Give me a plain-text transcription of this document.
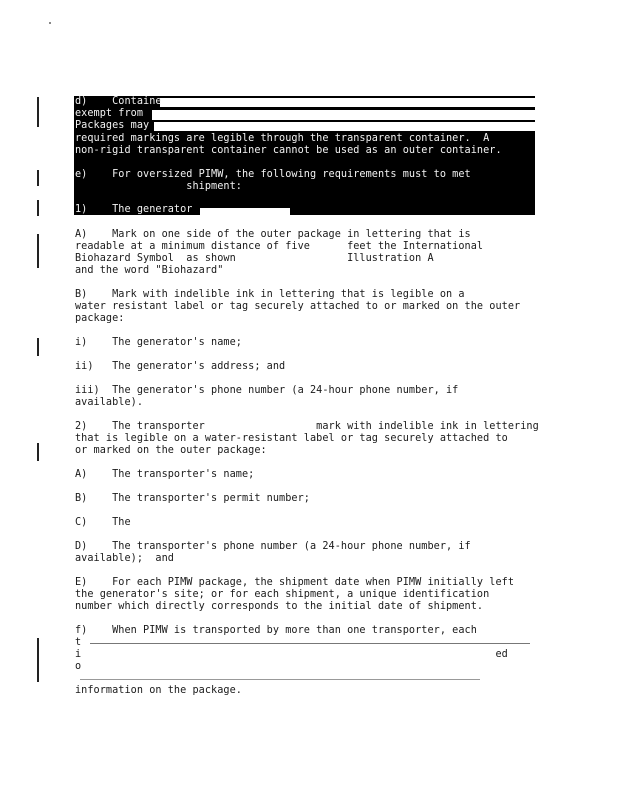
d)    Containe
exempt from
Packages may
required markings are legible through the transparent container.  A
non-rigid transparent container cannot be used as an outer container.
e)    For oversized PIMW, the following requirements must to met
shipment:
1)    The generator
A)    Mark on one side of the outer package in lettering that is
readable at a minimum distance of five      feet the International
Biohazard Symbol  as shown                  Illustration A
and the word "Biohazard"
B)    Mark with indelible ink in lettering that is legible on a
water resistant label or tag securely attached to or marked on the outer
package:
i)    The generator's name;
ii)   The generator's address; and
iii)  The generator's phone number (a 24-hour phone number, if
available).
2)    The transporter                  mark with indelible ink in lettering
that is legible on a water-resistant label or tag securely attached to
or marked on the outer package:
A)    The transporter's name;
B)    The transporter's permit number;
C)    The
D)    The transporter's phone number (a 24-hour phone number, if
available);  and
E)    For each PIMW package, the shipment date when PIMW initially left
the generator's site; or for each shipment, a unique identification
number which directly corresponds to the initial date of shipment.
f)    When PIMW is transported by more than one transporter, each
t
i                                                                   ed
o

information on the package.
